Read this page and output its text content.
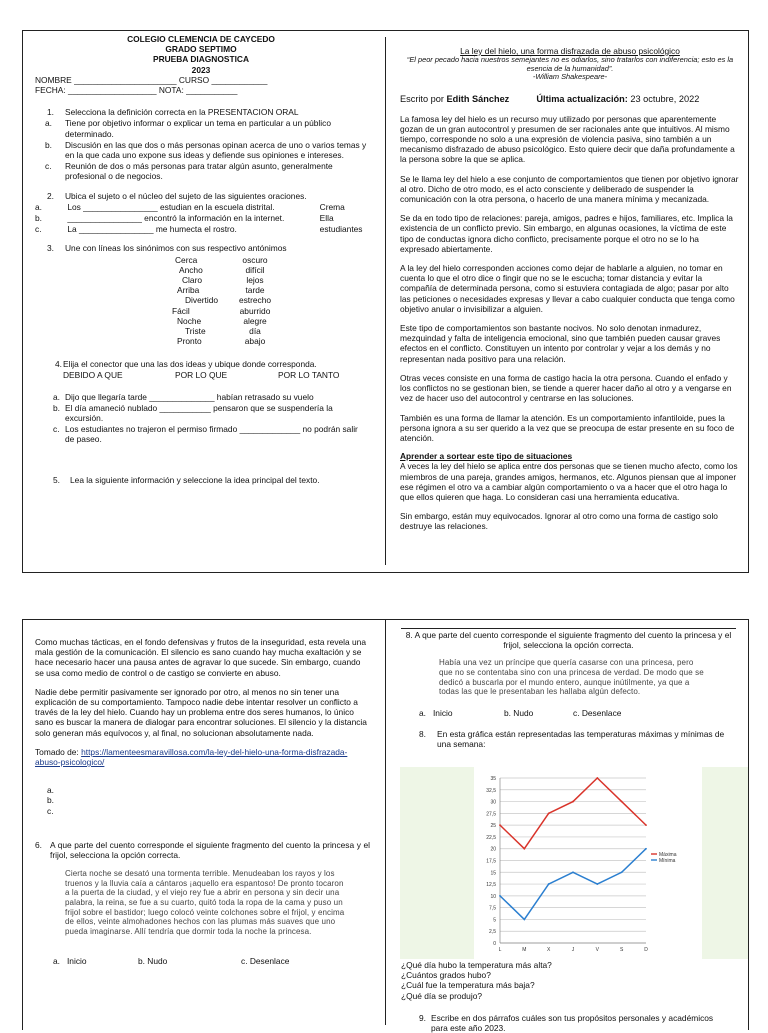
COLEGIO CLEMENCIA DE CAYCEDO

GRADO SEPTIMO

PRUEBA DIAGNOSTICA

2023

NOMBRE ______________________ CURSO ____________

FECHA: ___________________ NOTA: ___________

1. Selecciona la definición correcta en la PRESENTACION ORAL
a. Tiene por objetivo informar o explicar un tema en particular a un público determinado.
b. Discusión en las que dos o más personas opinan acerca de uno o varios temas y en la que cada uno expone sus ideas y defiende sus opiniones e intereses.
c. Reunión de dos o más personas para tratar algún asunto, generalmente profesional o de negocios.
2. Ubica el sujeto o el núcleo del sujeto de las siguientes oraciones.
a.	Los ________________ estudian en la escuela distrital.	Crema
b.	________________ encontró la información en la internet.	Ella
c.	La ________________ me humecta el rostro.	estudiantes
3. Une con líneas los sinónimos con sus respectivo antónimos
Cerca	oscuro
Ancho	difícil
Claro	lejos
Arriba	tarde
Divertido	estrecho
Fácil	aburrido
Noche	alegre
Triste	día
Pronto	abajo
4. Elija el conector que una las dos ideas y ubique donde corresponda.
DEBIDO A QUE	POR LO QUE	POR LO TANTO
a. Dijo que llegaría tarde ______________ habían retrasado su vuelo
b. El día amaneció nublado ___________ pensaron que se suspendería la excursión.
c. Los estudiantes no trajeron el permiso firmado _____________ no podrán salir de paseo.
5. Lea la siguiente información y seleccione la idea principal del texto.

La ley del hielo, una forma disfrazada de abuso psicológico

“El peor pecado hacia nuestros semejantes no es odiarlos, sino tratarlos con indiferencia; esto es la esencia de la humanidad”.

-William Shakespeare-

Escrito por Edith Sánchez	Última actualización: 23 octubre, 2022

La famosa ley del hielo es un recurso muy utilizado por personas que aparentemente gozan de un gran autocontrol y presumen de ser racionales ante que intuitivos. Al mismo tiempo, corresponde no solo a una expresión de violencia pasiva, sino también a un mecanismo disfrazado de abuso psicológico. Esto quiere decir que daña profundamente a la persona sobre la que se aplica.

Se le llama ley del hielo a ese conjunto de comportamientos que tienen por objetivo ignorar al otro. Dicho de otro modo, es el acto consciente y deliberado de suspender la comunicación con la otra persona, o hacerlo de una manera mínima y mecanizada.

Se da en todo tipo de relaciones: pareja, amigos, padres e hijos, familiares, etc. Implica la existencia de un conflicto previo. Sin embargo, en algunas ocasiones, la víctima de este tipo de conductas ignora dicho conflicto, precisamente porque el otro no se lo ha expresado abiertamente.

A la ley del hielo corresponden acciones como dejar de hablarle a alguien, no tomar en cuenta lo que el otro dice o fingir que no se le escucha; tomar distancia y evitar la compañía de determinada persona, como si estuviera contagiada de algo; pasar por alto las peticiones o necesidades expresas y llevar a cabo cualquier conducta que tenga como objetivo anular o invisibilizar a alguien.

Este tipo de comportamientos son bastante nocivos. No solo denotan inmadurez, mezquindad y falta de inteligencia emocional, sino que también pueden causar graves efectos en el conflicto. Constituyen un intento por controlar y vejar a los demás y no representan nada positivo para una relación.

Otras veces consiste en una forma de castigo hacia la otra persona. Cuando el enfado y los conflictos no se gestionan bien, se tiende a querer hacer daño al otro y a vengarse en vez de hacer uso del autocontrol y centrarse en las soluciones.

También es una forma de llamar la atención. Es un comportamiento infantiloide, pues la persona ignora a su ser querido a la vez que se preocupa de estar presente en su foco de atención.

Aprender a sortear este tipo de situaciones

A veces la ley del hielo se aplica entre dos personas que se tienen mucho afecto, como los miembros de una pareja, grandes amigos, hermanos, etc. Algunos piensan que al imponer ese régimen el otro va a cambiar algún comportamiento o va a hacer que el otro haga lo que ellos quieren que haga. Lo consideran casi una herramienta educativa.

Sin embargo, están muy equivocados. Ignorar al otro como una forma de castigo solo destruye las relaciones.

Como muchas tácticas, en el fondo defensivas y frutos de la inseguridad, esta revela una mala gestión de la comunicación. El silencio es sano cuando hay mucha exaltación y se hace necesario hacer una pausa antes de agravar lo que sucede. Sin embargo, cuando se usa como medio de control o de castigo se convierte en abuso.

Nadie debe permitir pasivamente ser ignorado por otro, al menos no sin tener una explicación de su comportamiento. Tampoco nadie debe intentar resolver un conflicto a través de la ley del hielo. Cuando hay un problema entre dos seres humanos, lo único sano es buscar la manera de dialogar para encontrar soluciones. El silencio y la distancia solo generan más equívocos y, al final, no solucionan absolutamente nada.

Tomado de: https://lamenteesmaravillosa.com/la-ley-del-hielo-una-forma-disfrazada-abuso-psicologico/

a.

b.

c.

6. A que parte del cuento corresponde el siguiente fragmento del cuento la princesa y el frijol, selecciona la opción correcta.

Cierta noche se desató una tormenta terrible. Menudeaban los rayos y los truenos y la lluvia caía a cántaros ¡aquello era espantoso! De pronto tocaron a la puerta de la ciudad, y el viejo rey fue a abrir en persona y sin decir una palabra, la reina, se fue a su cuarto, quitó toda la ropa de la cama y puso un frijol sobre el bastidor; luego colocó veinte colchones sobre el frijol, y encima de ellos, veinte almohadones hechos con las plumas más suaves que uno pueda imaginarse. Allí tendría que dormir toda la noche la princesa.

a. Inicio	b. Nudo	c. Desenlace

8. A que parte del cuento corresponde el siguiente fragmento del cuento la princesa y el frijol, selecciona la opción correcta.

Había una vez un príncipe que quería casarse con una princesa, pero que no se contentaba sino con una princesa de verdad. De modo que se dedicó a buscarla por el mundo entero, aunque inútilmente, ya que a todas las que le presentaban les hallaba algún defecto.

a. Inicio	b. Nudo	c. Desenlace
8. En esta gráfica están representadas las temperaturas máximas y mínimas de una semana:
35
32,5
30
27,5
25
22,5
20
17,5
15
12,5
10
7,5
5
2,5
0
L	M	X	J	V	S	D
Máxima
Mínima

¿Qué día hubo la temperatura más alta?

¿Cuántos grados hubo?

¿Cuál fue la temperatura más baja?

¿Qué día se produjo?

9. Escribe en dos párrafos cuáles son tus propósitos personales y académicos para este año 2023.
